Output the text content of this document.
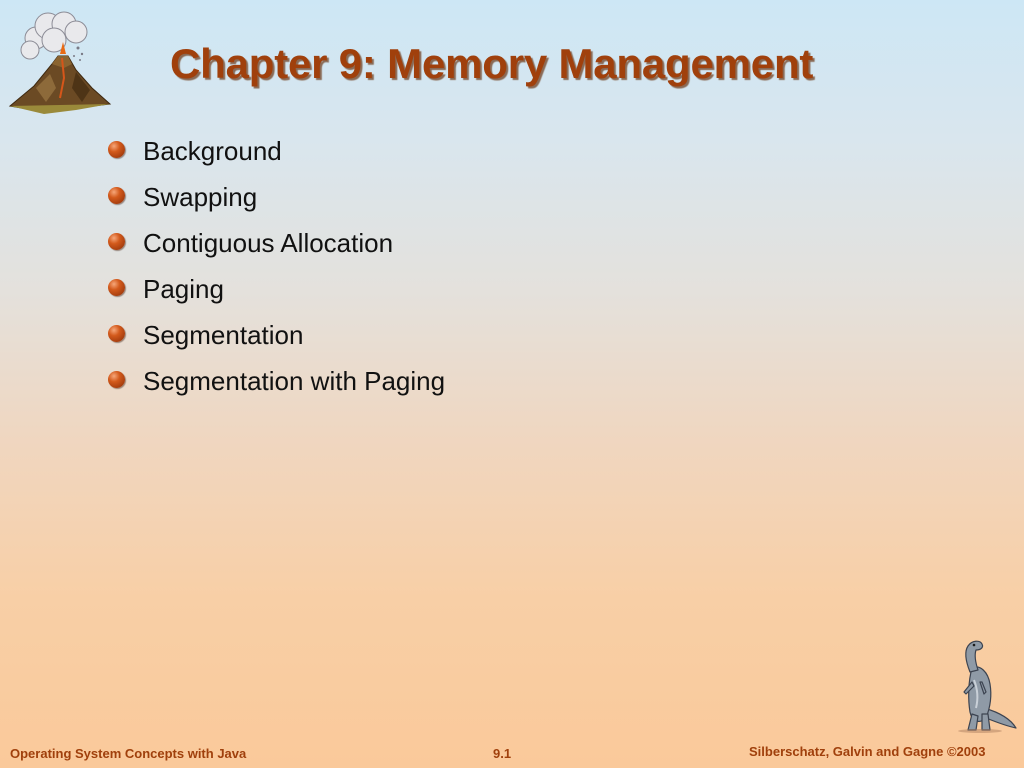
Chapter 9: Memory Management
Background
Swapping
Contiguous Allocation
Paging
Segmentation
Segmentation with Paging
Operating System Concepts with Java	9.1	Silberschatz, Galvin and Gagne ©2003
